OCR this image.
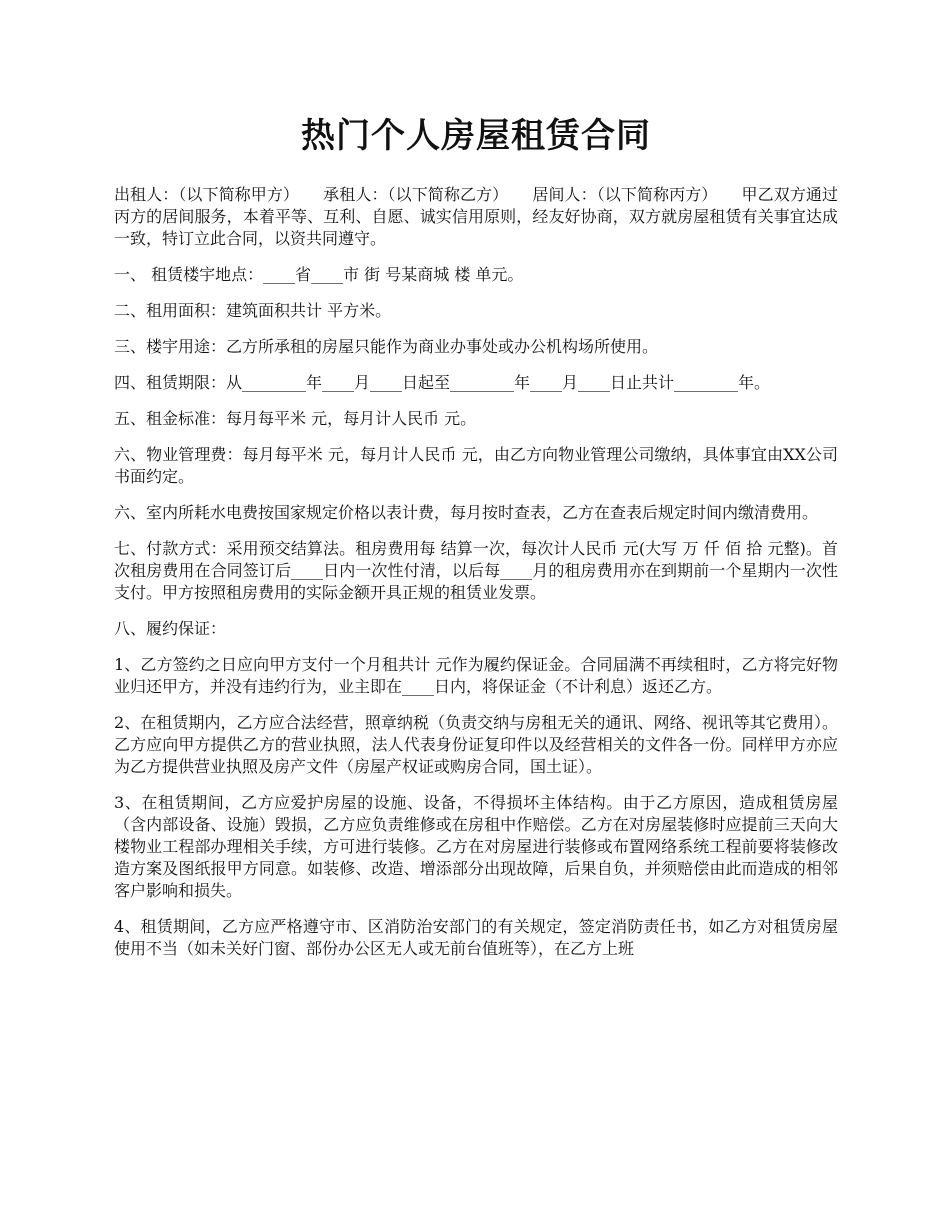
热门个人房屋租赁合同

出租人：（以下简称甲方）　　承租人：（以下简称乙方）　　居间人：（以下简称丙方）　　甲乙双方通过丙方的居间服务，本着平等、互利、自愿、诚实信用原则，经友好协商，双方就房屋租赁有关事宜达成一致，特订立此合同，以资共同遵守。

一、 租赁楼宇地点：____省____市 街 号某商城 楼 单元。

二、租用面积：建筑面积共计 平方米。

三、楼宇用途：乙方所承租的房屋只能作为商业办事处或办公机构场所使用。

四、租赁期限：从________年____月____日起至________年____月____日止共计________年。

五、租金标准：每月每平米 元，每月计人民币 元。

六、物业管理费：每月每平米 元，每月计人民币 元，由乙方向物业管理公司缴纳，具体事宜由XX公司书面约定。

六、室内所耗水电费按国家规定价格以表计费，每月按时查表，乙方在查表后规定时间内缴清费用。

七、付款方式：采用预交结算法。租房费用每 结算一次，每次计人民币 元(大写 万 仟 佰 拾 元整)。首次租房费用在合同签订后____日内一次性付清，以后每____月的租房费用亦在到期前一个星期内一次性支付。甲方按照租房费用的实际金额开具正规的租赁业发票。

八、履约保证：

1、乙方签约之日应向甲方支付一个月租共计 元作为履约保证金。合同届满不再续租时，乙方将完好物业归还甲方，并没有违约行为，业主即在____日内，将保证金（不计利息）返还乙方。

2、在租赁期内，乙方应合法经营，照章纳税（负责交纳与房租无关的通讯、网络、视讯等其它费用）。乙方应向甲方提供乙方的营业执照，法人代表身份证复印件以及经营相关的文件各一份。同样甲方亦应为乙方提供营业执照及房产文件（房屋产权证或购房合同，国土证）。

3、在租赁期间，乙方应爱护房屋的设施、设备，不得损坏主体结构。由于乙方原因，造成租赁房屋（含内部设备、设施）毁损，乙方应负责维修或在房租中作赔偿。乙方在对房屋装修时应提前三天向大楼物业工程部办理相关手续，方可进行装修。乙方在对房屋进行装修或布置网络系统工程前要将装修改造方案及图纸报甲方同意。如装修、改造、增添部分出现故障，后果自负，并须赔偿由此而造成的相邻客户影响和损失。

4、租赁期间，乙方应严格遵守市、区消防治安部门的有关规定，签定消防责任书，如乙方对租赁房屋使用不当（如未关好门窗、部份办公区无人或无前台值班等），在乙方上班
